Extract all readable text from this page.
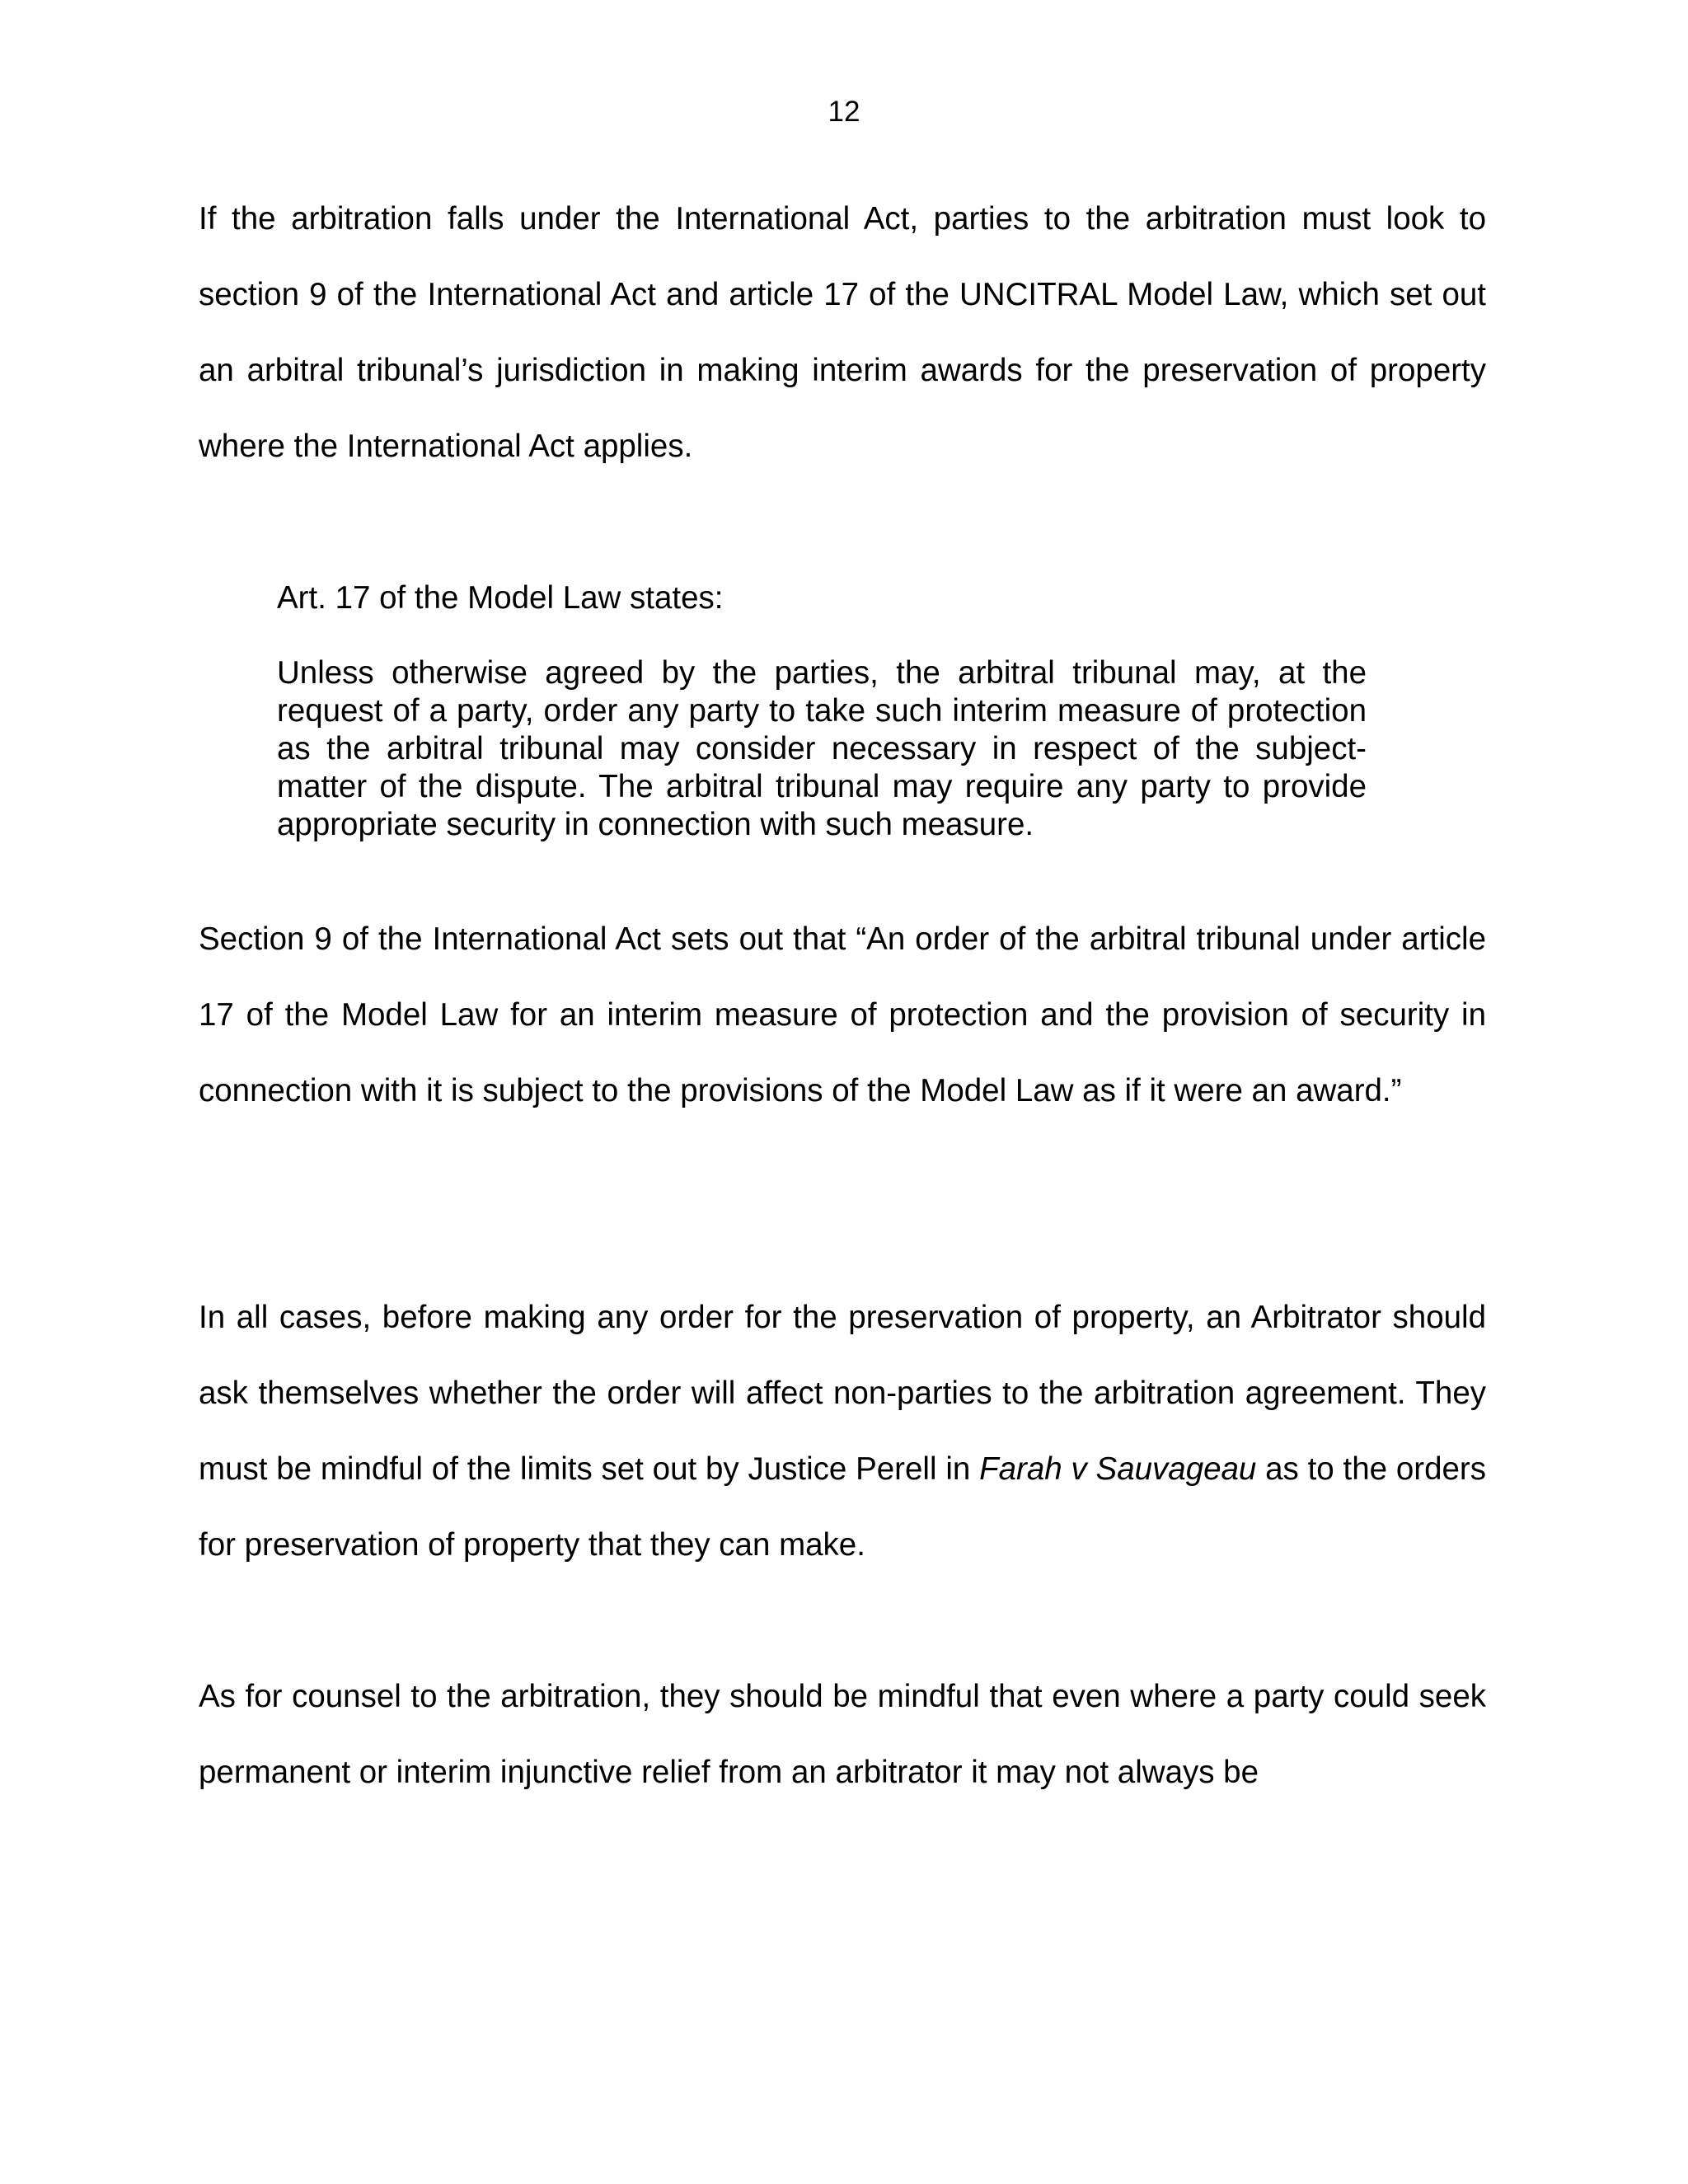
12

If the arbitration falls under the International Act, parties to the arbitration must look to section 9 of the International Act and article 17 of the UNCITRAL Model Law, which set out an arbitral tribunal’s jurisdiction in making interim awards for the preservation of property where the International Act applies.

Art. 17 of the Model Law states:

Unless otherwise agreed by the parties, the arbitral tribunal may, at the request of a party, order any party to take such interim measure of protection as the arbitral tribunal may consider necessary in respect of the subject-matter of the dispute. The arbitral tribunal may require any party to provide appropriate security in connection with such measure.

Section 9 of the International Act sets out that “An order of the arbitral tribunal under article 17 of the Model Law for an interim measure of protection and the provision of security in connection with it is subject to the provisions of the Model Law as if it were an award.”

In all cases, before making any order for the preservation of property, an Arbitrator should ask themselves whether the order will affect non-parties to the arbitration agreement. They must be mindful of the limits set out by Justice Perell in Farah v Sauvageau as to the orders for preservation of property that they can make.

As for counsel to the arbitration, they should be mindful that even where a party could seek permanent or interim injunctive relief from an arbitrator it may not always be
